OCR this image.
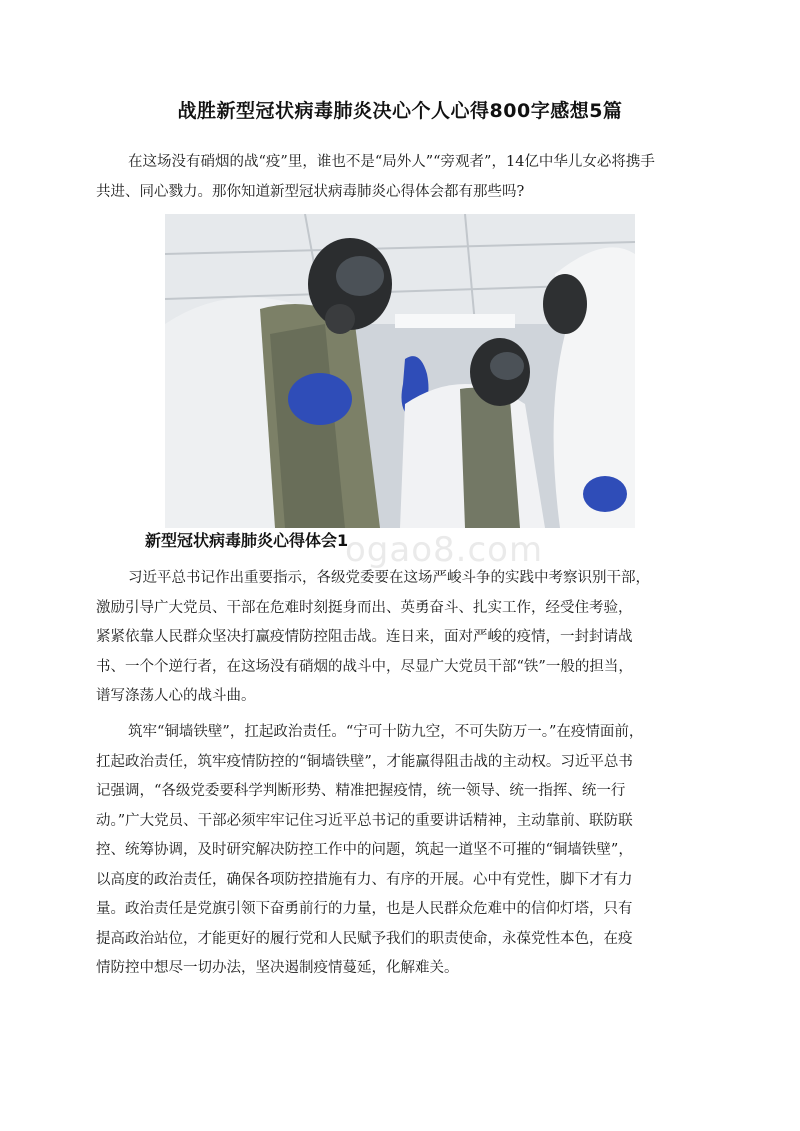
战胜新型冠状病毒肺炎决心个人心得800字感想5篇

在这场没有硝烟的战“疫”里，谁也不是“局外人”“旁观者”，14亿中华儿女必将携手
共进、同心戮力。那你知道新型冠状病毒肺炎心得体会都有那些吗?

新型冠状病毒肺炎心得体会1
ogao8.com

习近平总书记作出重要指示，各级党委要在这场严峻斗争的实践中考察识别干部，
激励引导广大党员、干部在危难时刻挺身而出、英勇奋斗、扎实工作，经受住考验，
紧紧依靠人民群众坚决打赢疫情防控阻击战。连日来，面对严峻的疫情，一封封请战
书、一个个逆行者，在这场没有硝烟的战斗中，尽显广大党员干部“铁”一般的担当，
谱写涤荡人心的战斗曲。

筑牢“铜墙铁壁”，扛起政治责任。“宁可十防九空，不可失防万一。”在疫情面前，
扛起政治责任，筑牢疫情防控的“铜墙铁壁”，才能赢得阻击战的主动权。习近平总书
记强调，“各级党委要科学判断形势、精准把握疫情，统一领导、统一指挥、统一行
动。”广大党员、干部必须牢牢记住习近平总书记的重要讲话精神，主动靠前、联防联
控、统筹协调，及时研究解决防控工作中的问题，筑起一道坚不可摧的“铜墙铁壁”，
以高度的政治责任，确保各项防控措施有力、有序的开展。心中有党性，脚下才有力
量。政治责任是党旗引领下奋勇前行的力量，也是人民群众危难中的信仰灯塔，只有
提高政治站位，才能更好的履行党和人民赋予我们的职责使命，永葆党性本色，在疫
情防控中想尽一切办法，坚决遏制疫情蔓延，化解难关。
